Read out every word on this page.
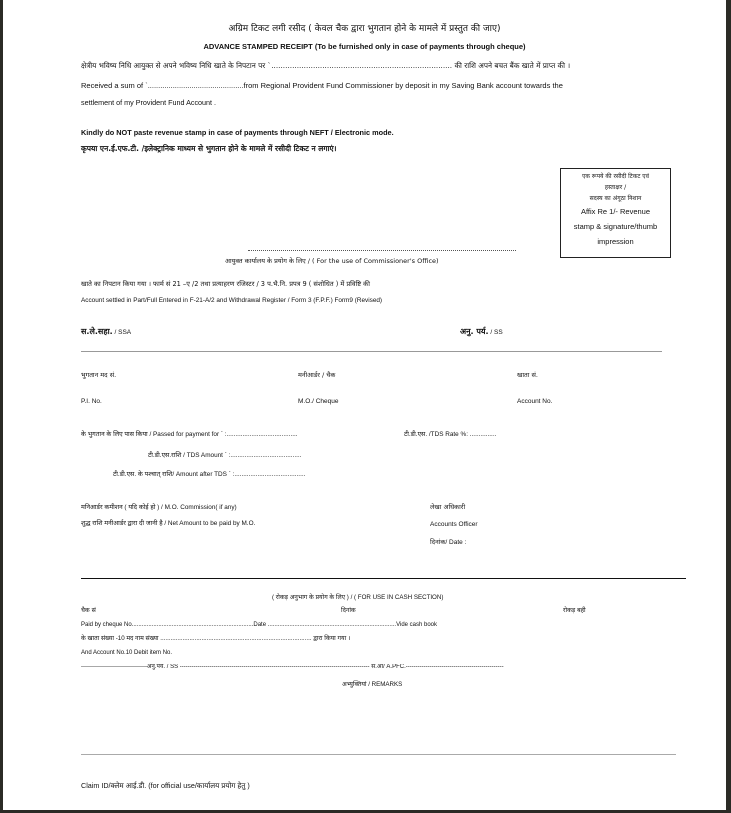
अग्रिम टिकट लगी रसीद ( केवल चैक द्वारा भुगतान होने के मामले में प्रस्तुत की जाए)
ADVANCE STAMPED RECEIPT (To be furnished only in case of payments through cheque)
क्षेत्रीय भविष्य निधि आयुक्त से अपने भविष्य निधि खाते के निपटान पर `.............................................................................. की राशि अपने बचत बैंक खाते में प्राप्त की ।
Received a sum of `..............................................from Regional Provident Fund Commissioner by deposit in my Saving Bank account towards the
settlement of my Provident Fund Account .
Kindly do NOT paste revenue stamp in case of payments through NEFT / Electronic mode.
कृपया एन.ई.एफ.टी. /इलेक्ट्रानिक माध्यम से भुगतान होने के मामले में रसीदी टिकट न लगाएं।
एक रूपये की रसीदी टिकट एवं
हस्ताक्षर /
सदस्य का अंगूठा निशान
Affix Re 1/- Revenue
stamp & signature/thumb
impression
आयुक्त कार्यालय के प्रयोग के लिए / ( For the use of Commissioner's Office)
खाते का निपटान किया गया । फार्म सं 21 –ए /2 तथा प्रत्याहरण रजिस्टर / 3 प.भै.नि. प्रपत्र 9 ( संशोधित ) में प्रविष्टि की
Account settled in Part/Full Entered in F-21-A/2 and Withdrawal Register / Form 3 (F.P.F.) Form9 (Revised)
स.ले.सहा. / SSA	अनु. पर्य. / SS
भुगतान मद सं.	मनीआर्डर / चैक	खाता सं.
P.I. No.	M.O./ Cheque	Account No.
के भुगतान के लिए पास किया / Passed for payment for ` :........................................	टी.डी.एस. /TDS Rate %: ...............
टी.डी.एस.राशि / TDS Amount ` :........................................
टी.डी.एस. के पश्चात् राशि/ Amount after TDS ` :........................................
मनिआर्डर कमीशन ( यदि कोई हो ) / M.O. Commission( if any)
शुद्ध राशि मनीआर्डर द्वारा दी जानी है / Net Amount to be paid by M.O.
लेखा अधिकारी
Accounts Officer
दिनांक/ Date :
( रोकड़ अनुभाग के प्रयोग के लिए ) / ( FOR USE IN CASH SECTION)
चैक सं	दिनांक	रोकड़ बही
Paid by cheque No.........................................................................Date .............................................................................Vide cash book
के खाता संख्या -10 मद नाम संख्या ........................................................................................ द्वारा किया गया ।
And Account No.10 Debit item No.
---------------------------------अनु.पर्य. / SS ----------------------------------------------------------------------------------------------- स.आ/ A.PFC.-------------------------------------------------
अभ्युक्तियां / REMARKS
Claim ID/क्लेम आई.डी. (for official use/कार्यालय प्रयोग हेतु )
